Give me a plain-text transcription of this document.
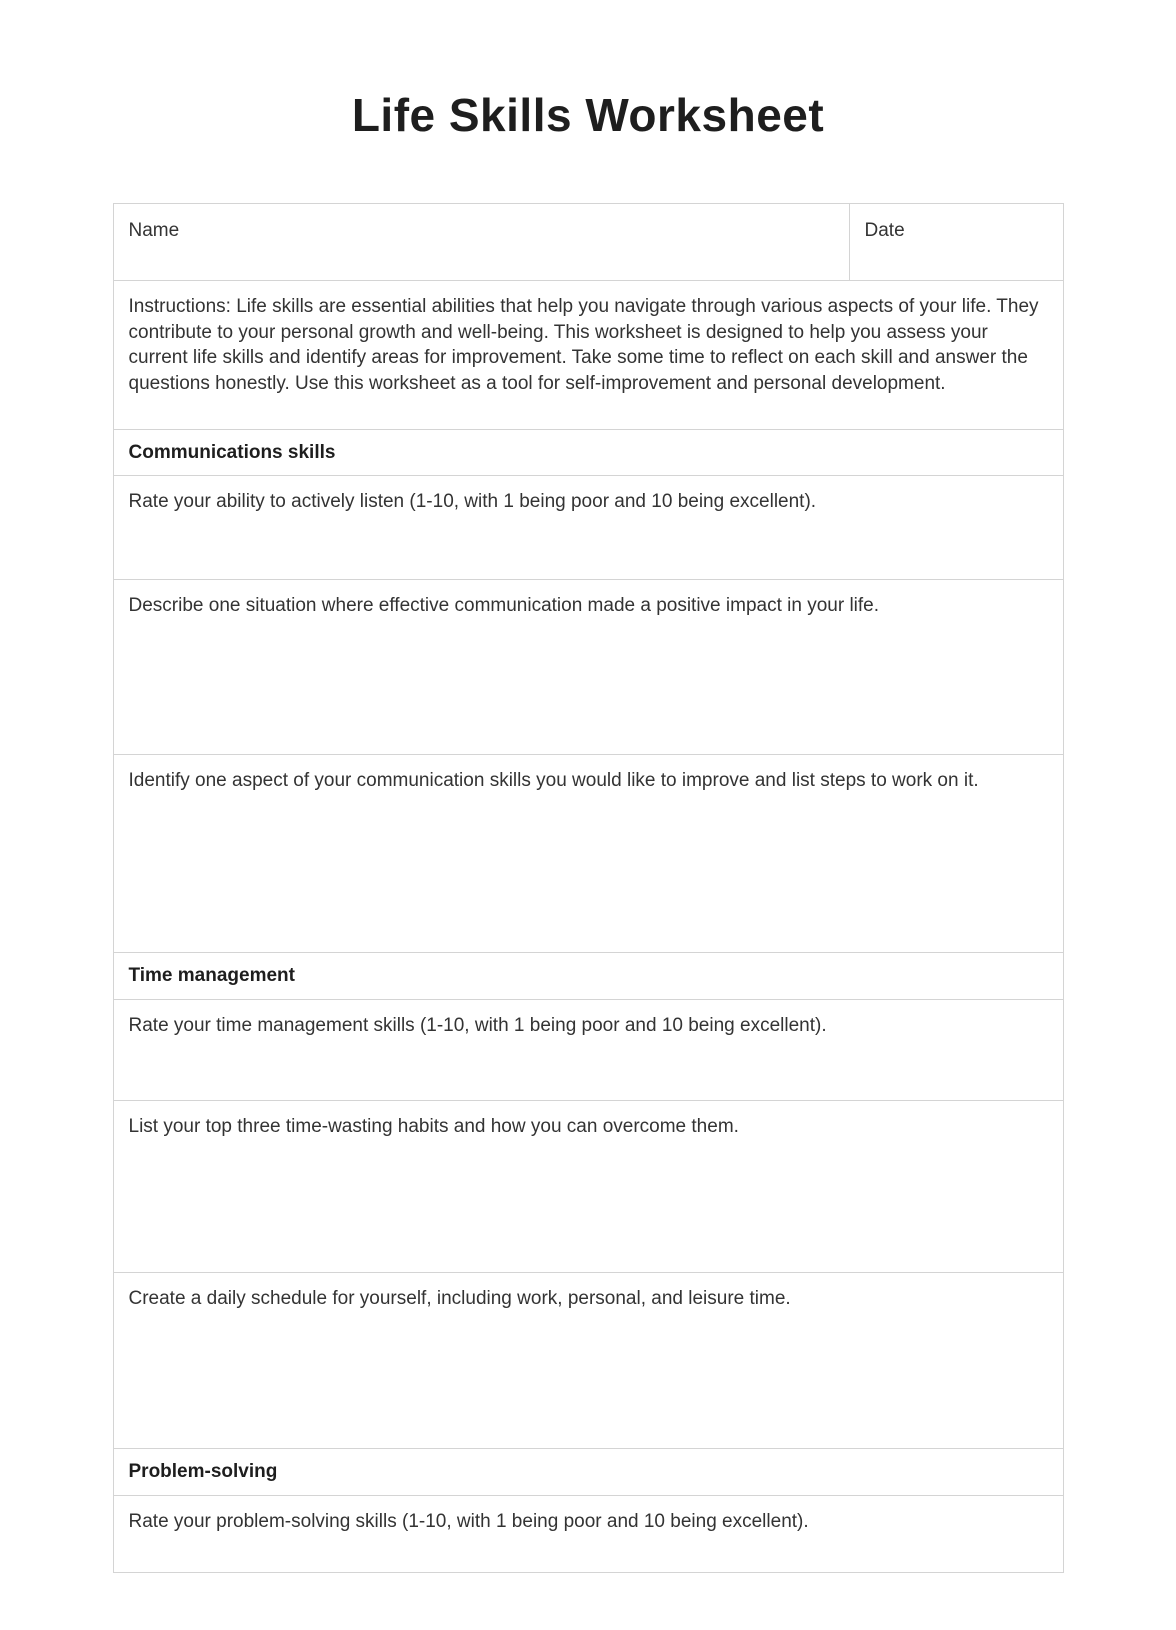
Life Skills Worksheet
Name	Date
Instructions: Life skills are essential abilities that help you navigate through various aspects of your life. They contribute to your personal growth and well-being. This worksheet is designed to help you assess your current life skills and identify areas for improvement. Take some time to reflect on each skill and answer the questions honestly. Use this worksheet as a tool for self-improvement and personal development.
Communications skills
Rate your ability to actively listen (1-10, with 1 being poor and 10 being excellent).
Describe one situation where effective communication made a positive impact in your life.
Identify one aspect of your communication skills you would like to improve and list steps to work on it.
Time management
Rate your time management skills (1-10, with 1 being poor and 10 being excellent).
List your top three time-wasting habits and how you can overcome them.
Create a daily schedule for yourself, including work, personal, and leisure time.
Problem-solving
Rate your problem-solving skills (1-10, with 1 being poor and 10 being excellent).
